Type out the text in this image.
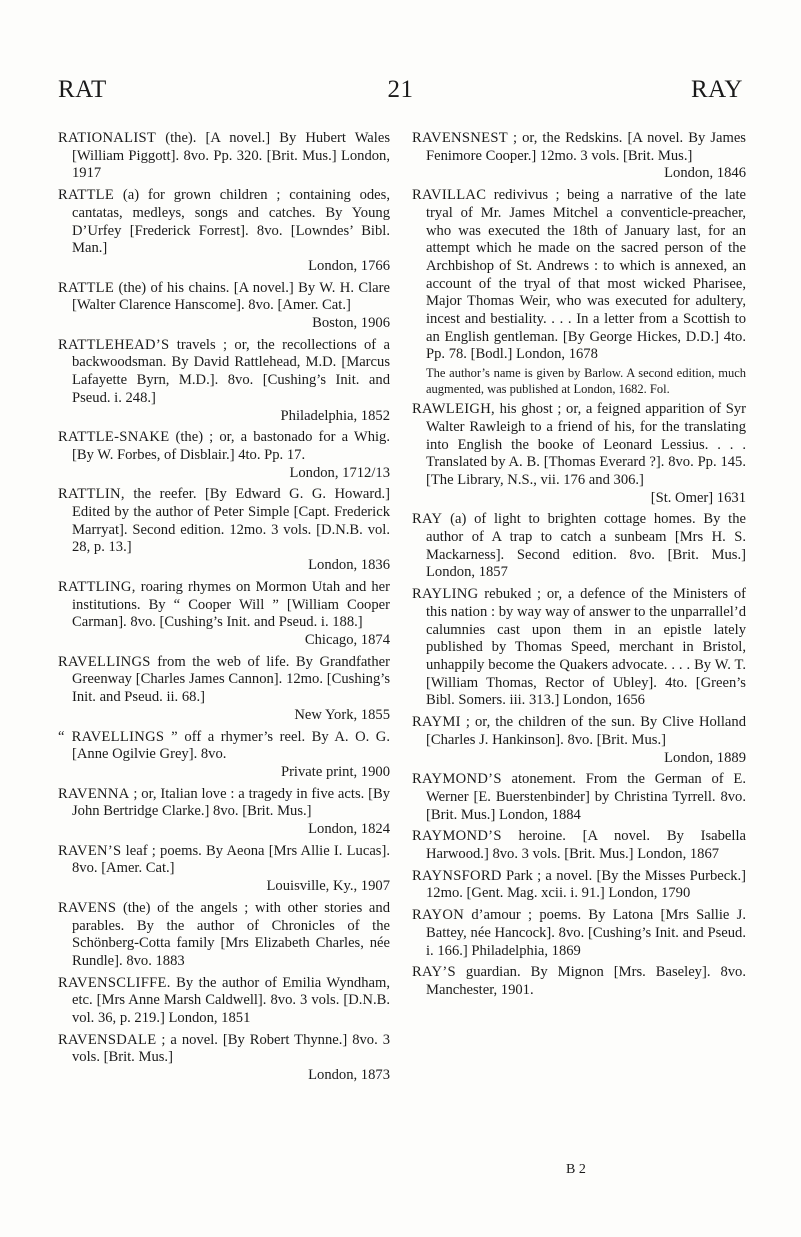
RAT	21	RAY
RATIONALIST (the). [A novel.] By Hubert Wales [William Piggott]. 8vo. Pp. 320. [Brit. Mus.] London, 1917
RATTLE (a) for grown children ; containing odes, cantatas, medleys, songs and catches. By Young D’Urfey [Frederick Forrest]. 8vo. [Lowndes’ Bibl. Man.]
London, 1766
RATTLE (the) of his chains. [A novel.] By W. H. Clare [Walter Clarence Hanscome]. 8vo. [Amer. Cat.]
Boston, 1906
RATTLEHEAD’S travels ; or, the recollections of a backwoodsman. By David Rattlehead, M.D. [Marcus Lafayette Byrn, M.D.]. 8vo. [Cushing’s Init. and Pseud. i. 248.]
Philadelphia, 1852
RATTLE-SNAKE (the) ; or, a bastonado for a Whig. [By W. Forbes, of Disblair.] 4to. Pp. 17.
London, 1712/13
RATTLIN, the reefer. [By Edward G. G. Howard.] Edited by the author of Peter Simple [Capt. Frederick Marryat]. Second edition. 12mo. 3 vols. [D.N.B. vol. 28, p. 13.]
London, 1836
RATTLING, roaring rhymes on Mormon Utah and her institutions. By “ Cooper Will ” [William Cooper Carman]. 8vo. [Cushing’s Init. and Pseud. i. 188.]
Chicago, 1874
RAVELLINGS from the web of life. By Grandfather Greenway [Charles James Cannon]. 12mo. [Cushing’s Init. and Pseud. ii. 68.]
New York, 1855
“ RAVELLINGS ” off a rhymer’s reel. By A. O. G. [Anne Ogilvie Grey]. 8vo.
Private print, 1900
RAVENNA ; or, Italian love : a tragedy in five acts. [By John Bertridge Clarke.] 8vo. [Brit. Mus.]
London, 1824
RAVEN’S leaf ; poems. By Aeona [Mrs Allie I. Lucas]. 8vo. [Amer. Cat.]
Louisville, Ky., 1907
RAVENS (the) of the angels ; with other stories and parables. By the author of Chronicles of the Schönberg-Cotta family [Mrs Elizabeth Charles, née Rundle]. 8vo. 1883
RAVENSCLIFFE. By the author of Emilia Wyndham, etc. [Mrs Anne Marsh Caldwell]. 8vo. 3 vols. [D.N.B. vol. 36, p. 219.] London, 1851
RAVENSDALE ; a novel. [By Robert Thynne.] 8vo. 3 vols. [Brit. Mus.]
London, 1873
RAVENSNEST ; or, the Redskins. [A novel. By James Fenimore Cooper.] 12mo. 3 vols. [Brit. Mus.]
London, 1846
RAVILLAC redivivus ; being a narrative of the late tryal of Mr. James Mitchel a conventicle-preacher, who was executed the 18th of January last, for an attempt which he made on the sacred person of the Archbishop of St. Andrews : to which is annexed, an account of the tryal of that most wicked Pharisee, Major Thomas Weir, who was executed for adultery, incest and bestiality. . . . In a letter from a Scottish to an English gentleman. [By George Hickes, D.D.] 4to. Pp. 78. [Bodl.] London, 1678
The author’s name is given by Barlow. A second edition, much augmented, was published at London, 1682. Fol.
RAWLEIGH, his ghost ; or, a feigned apparition of Syr Walter Rawleigh to a friend of his, for the translating into English the booke of Leonard Lessius. . . . Translated by A. B. [Thomas Everard ?]. 8vo. Pp. 145. [The Library, N.S., vii. 176 and 306.]
[St. Omer] 1631
RAY (a) of light to brighten cottage homes. By the author of A trap to catch a sunbeam [Mrs H. S. Mackarness]. Second edition. 8vo. [Brit. Mus.] London, 1857
RAYLING rebuked ; or, a defence of the Ministers of this nation : by way way of answer to the unparrallel’d calumnies cast upon them in an epistle lately published by Thomas Speed, merchant in Bristol, unhappily become the Quakers advocate. . . . By W. T. [William Thomas, Rector of Ubley]. 4to. [Green’s Bibl. Somers. iii. 313.] London, 1656
RAYMI ; or, the children of the sun. By Clive Holland [Charles J. Hankinson]. 8vo. [Brit. Mus.]
London, 1889
RAYMOND’S atonement. From the German of E. Werner [E. Buerstenbinder] by Christina Tyrrell. 8vo. [Brit. Mus.] London, 1884
RAYMOND’S heroine. [A novel. By Isabella Harwood.] 8vo. 3 vols. [Brit. Mus.] London, 1867
RAYNSFORD Park ; a novel. [By the Misses Purbeck.] 12mo. [Gent. Mag. xcii. i. 91.] London, 1790
RAYON d’amour ; poems. By Latona [Mrs Sallie J. Battey, née Hancock]. 8vo. [Cushing’s Init. and Pseud. i. 166.] Philadelphia, 1869
RAY’S guardian. By Mignon [Mrs. Baseley]. 8vo. Manchester, 1901.
B 2
